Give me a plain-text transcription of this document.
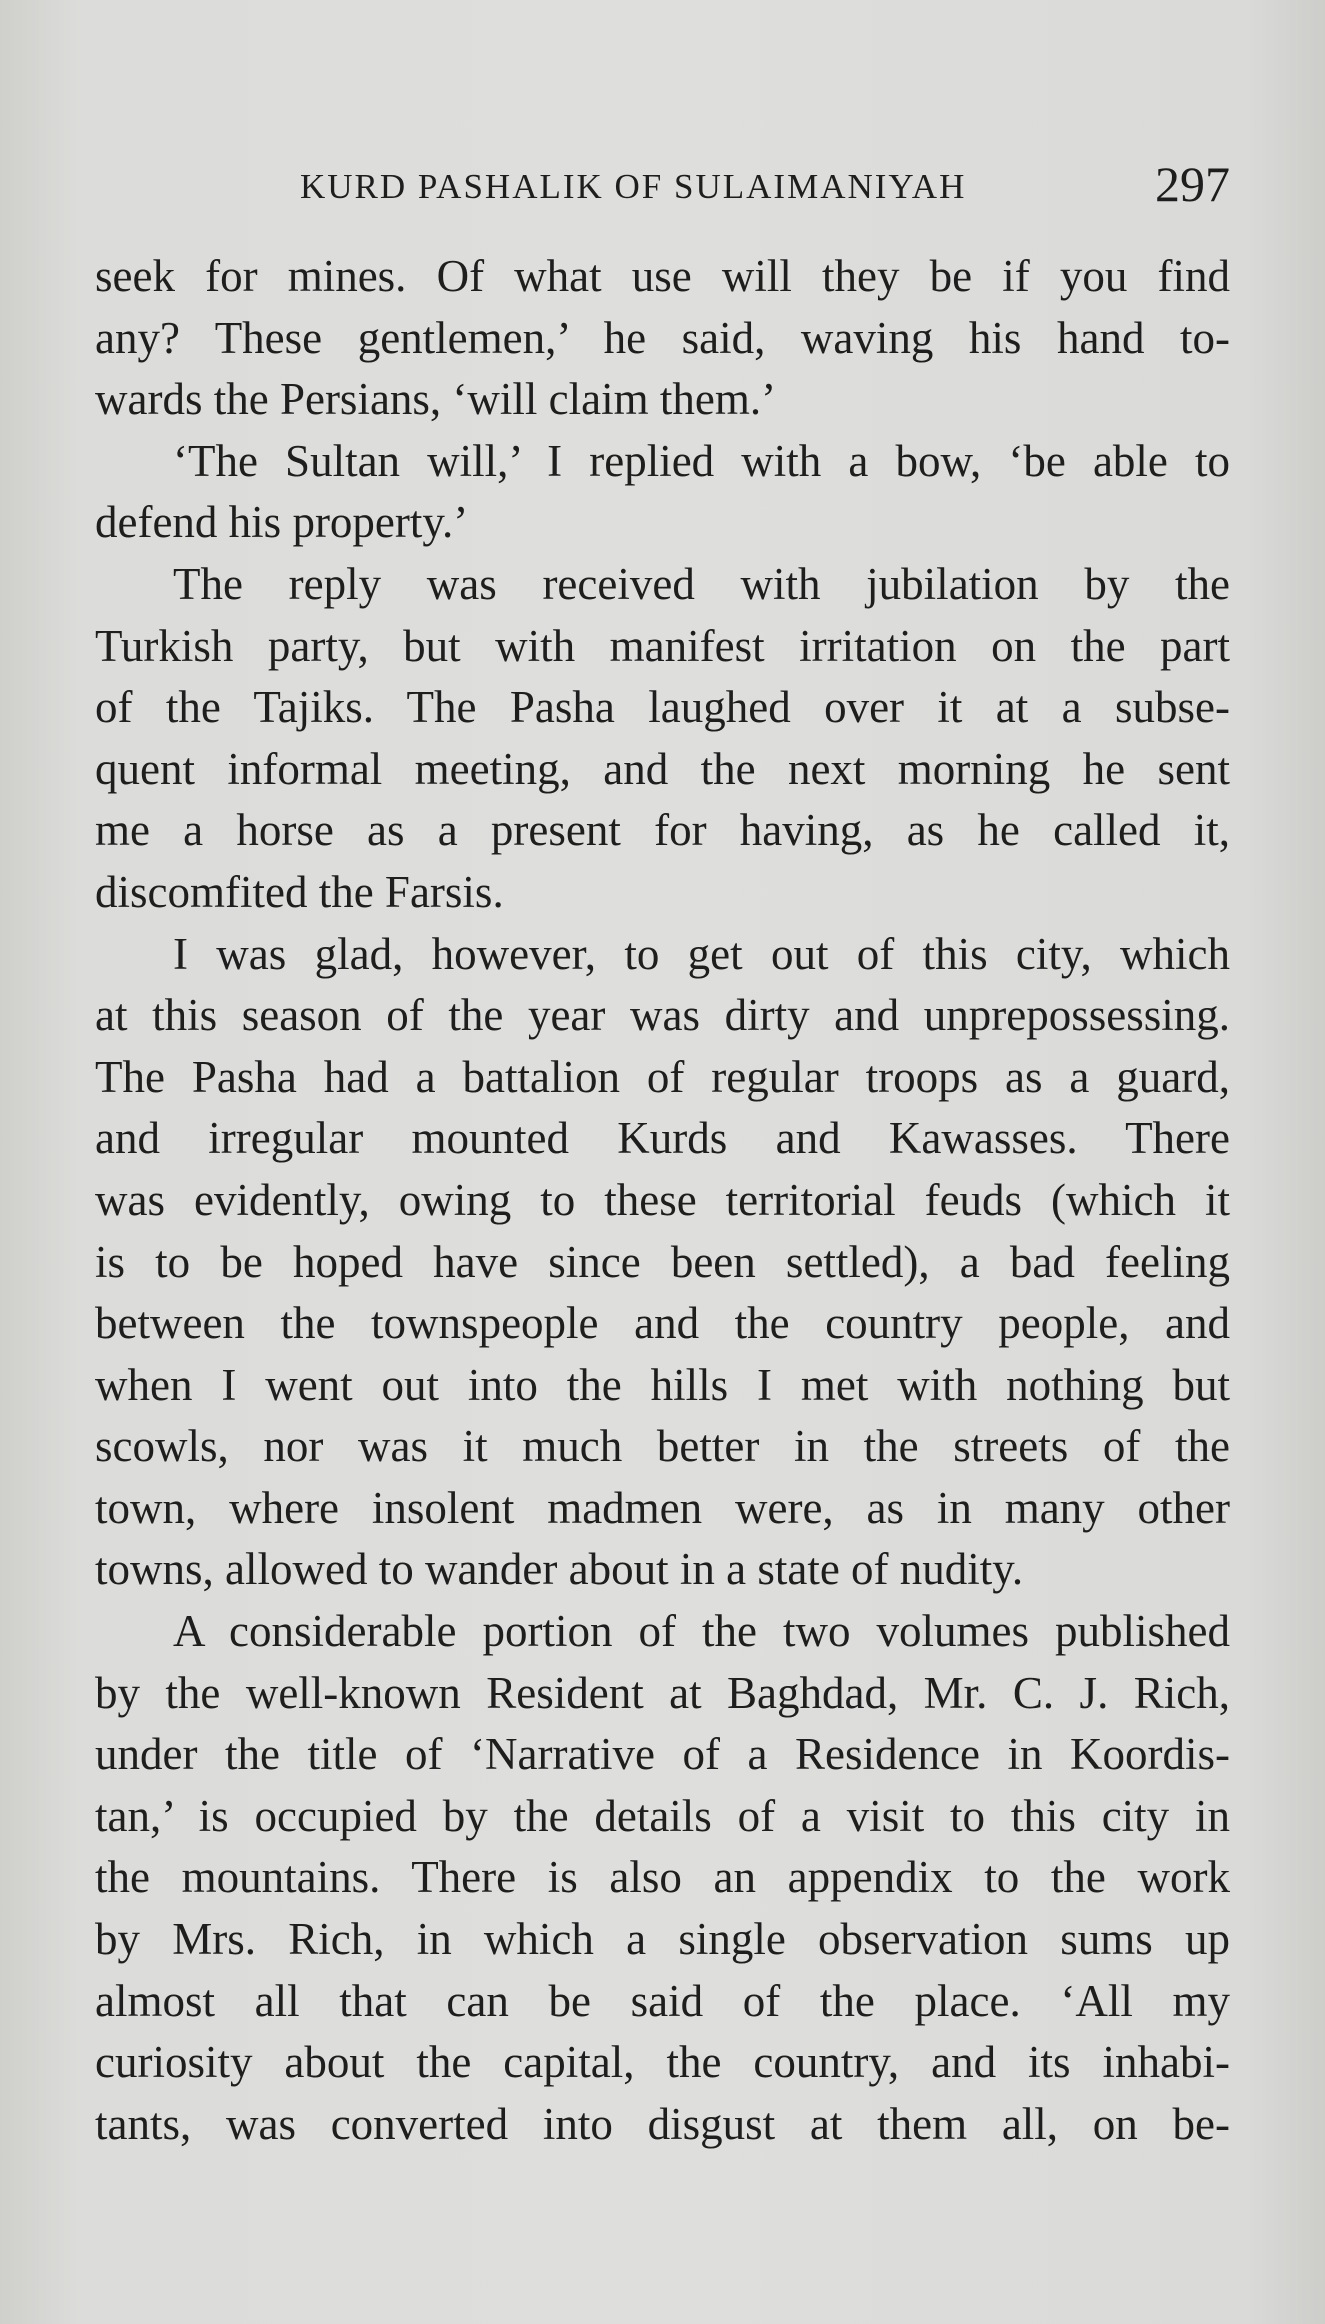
KURD PASHALIK OF SULAIMANIYAH	297
seek for mines. Of what use will they be if you find
any? These gentlemen,’ he said, waving his hand to-
wards the Persians, ‘will claim them.’
‘The Sultan will,’ I replied with a bow, ‘be able to
defend his property.’
The reply was received with jubilation by the
Turkish party, but with manifest irritation on the part
of the Tajiks. The Pasha laughed over it at a subse-
quent informal meeting, and the next morning he sent
me a horse as a present for having, as he called it,
discomfited the Farsis.
I was glad, however, to get out of this city, which
at this season of the year was dirty and unprepossessing.
The Pasha had a battalion of regular troops as a guard,
and irregular mounted Kurds and Kawasses. There
was evidently, owing to these territorial feuds (which it
is to be hoped have since been settled), a bad feeling
between the townspeople and the country people, and
when I went out into the hills I met with nothing but
scowls, nor was it much better in the streets of the
town, where insolent madmen were, as in many other
towns, allowed to wander about in a state of nudity.
A considerable portion of the two volumes published
by the well-known Resident at Baghdad, Mr. C. J. Rich,
under the title of ‘Narrative of a Residence in Koordis-
tan,’ is occupied by the details of a visit to this city in
the mountains. There is also an appendix to the work
by Mrs. Rich, in which a single observation sums up
almost all that can be said of the place. ‘All my
curiosity about the capital, the country, and its inhabi-
tants, was converted into disgust at them all, on be-
